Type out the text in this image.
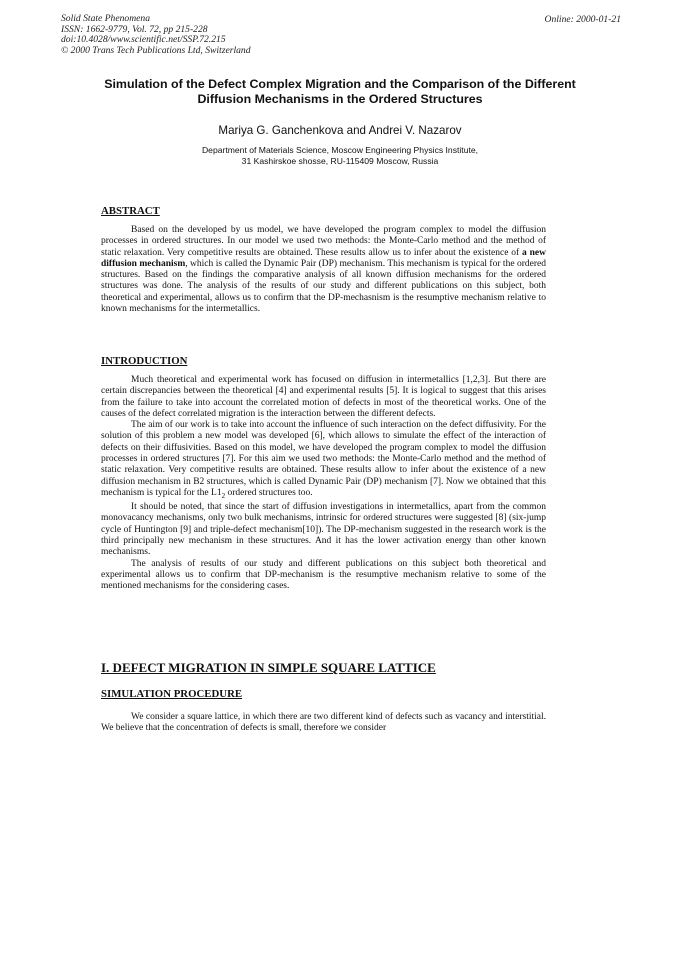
Solid State Phenomena
ISSN: 1662-9779, Vol. 72, pp 215-228
doi:10.4028/www.scientific.net/SSP.72.215
© 2000 Trans Tech Publications Ltd, Switzerland
Online: 2000-01-21
Simulation of the Defect Complex Migration and the Comparison of the Different Diffusion Mechanisms in the Ordered Structures
Mariya G. Ganchenkova and Andrei V. Nazarov
Department of Materials Science, Moscow Engineering Physics Institute,
31 Kashirskoe shosse, RU-115409 Moscow, Russia
ABSTRACT

Based on the developed by us model, we have developed the program complex to model the diffusion processes in ordered structures. In our model we used two methods: the Monte-Carlo method and the method of static relaxation. Very competitive results are obtained. These results allow us to infer about the existence of a new diffusion mechanism, which is called the Dynamic Pair (DP) mechanism. This mechanism is typical for the ordered structures. Based on the findings the comparative analysis of all known diffusion mechanisms for the ordered structures was done. The analysis of the results of our study and different publications on this subject, both theoretical and experimental, allows us to confirm that the DP-mechasnism is the resumptive mechanism relative to known mechanisms for the intermetallics.

INTRODUCTION

Much theoretical and experimental work has focused on diffusion in intermetallics [1,2,3]. But there are certain discrepancies between the theoretical [4] and experimental results [5]. It is logical to suggest that this arises from the failure to take into account the correlated motion of defects in most of the theoretical works. One of the causes of the defect correlated migration is the interaction between the different defects.

The aim of our work is to take into account the influence of such interaction on the defect diffusivity. For the solution of this problem a new model was developed [6], which allows to simulate the effect of the interaction of defects on their diffusivities. Based on this model, we have developed the program complex to model the diffusion processes in ordered structures [7]. For this aim we used two methods: the Monte-Carlo method and the method of static relaxation. Very competitive results are obtained. These results allow to infer about the existence of a new diffusion mechanism in B2 structures, which is called Dynamic Pair (DP) mechanism [7]. Now we obtained that this mechanism is typical for the $L1_2$ ordered structures too.

It should be noted, that since the start of diffusion investigations in intermetallics, apart from the common monovacancy mechanisms, only two bulk mechanisms, intrinsic for ordered structures were suggested [8] (six-jump cycle of Huntington [9] and triple-defect mechanism[10]). The DP-mechanism suggested in the research work is the third principally new mechanism in these structures. And it has the lower activation energy than other known mechanisms.

The analysis of results of our study and different publications on this subject both theoretical and experimental allows us to confirm that DP-mechanism is the resumptive mechanism relative to some of the mentioned mechanisms for the considering cases.

I. DEFECT MIGRATION IN SIMPLE SQUARE LATTICE
SIMULATION PROCEDURE

We consider a square lattice, in which there are two different kind of defects such as vacancy and interstitial. We believe that the concentration of defects is small, therefore we consider
